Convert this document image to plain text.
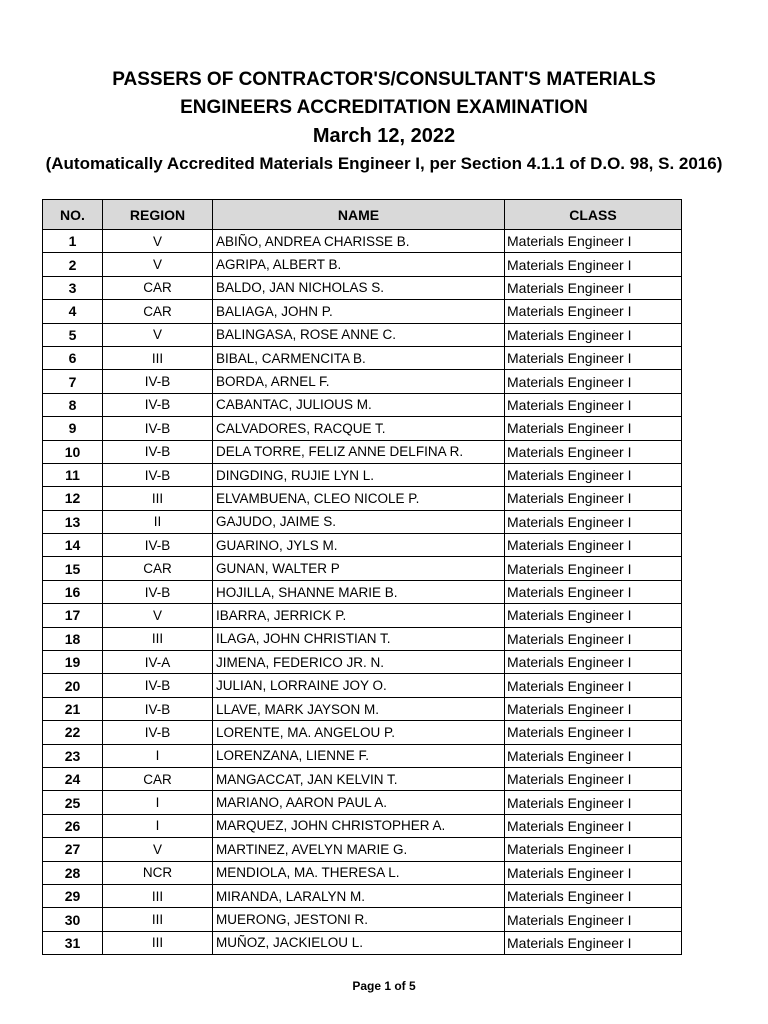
PASSERS OF CONTRACTOR'S/CONSULTANT'S MATERIALS
ENGINEERS ACCREDITATION EXAMINATION
March 12, 2022
(Automatically Accredited Materials Engineer I, per Section 4.1.1 of D.O. 98, S. 2016)
NO.	REGION	NAME	CLASS
1	V	ABIÑO, ANDREA CHARISSE B.	Materials Engineer I
2	V	AGRIPA, ALBERT B.	Materials Engineer I
3	CAR	BALDO, JAN NICHOLAS S.	Materials Engineer I
4	CAR	BALIAGA, JOHN P.	Materials Engineer I
5	V	BALINGASA, ROSE ANNE C.	Materials Engineer I
6	III	BIBAL, CARMENCITA B.	Materials Engineer I
7	IV-B	BORDA, ARNEL F.	Materials Engineer I
8	IV-B	CABANTAC, JULIOUS M.	Materials Engineer I
9	IV-B	CALVADORES, RACQUE T.	Materials Engineer I
10	IV-B	DELA TORRE, FELIZ ANNE DELFINA R.	Materials Engineer I
11	IV-B	DINGDING, RUJIE LYN L.	Materials Engineer I
12	III	ELVAMBUENA, CLEO NICOLE P.	Materials Engineer I
13	II	GAJUDO, JAIME S.	Materials Engineer I
14	IV-B	GUARINO, JYLS M.	Materials Engineer I
15	CAR	GUNAN, WALTER P	Materials Engineer I
16	IV-B	HOJILLA, SHANNE MARIE B.	Materials Engineer I
17	V	IBARRA, JERRICK P.	Materials Engineer I
18	III	ILAGA, JOHN CHRISTIAN T.	Materials Engineer I
19	IV-A	JIMENA, FEDERICO JR. N.	Materials Engineer I
20	IV-B	JULIAN, LORRAINE JOY O.	Materials Engineer I
21	IV-B	LLAVE, MARK JAYSON M.	Materials Engineer I
22	IV-B	LORENTE, MA. ANGELOU P.	Materials Engineer I
23	I	LORENZANA, LIENNE F.	Materials Engineer I
24	CAR	MANGACCAT, JAN KELVIN T.	Materials Engineer I
25	I	MARIANO, AARON PAUL A.	Materials Engineer I
26	I	MARQUEZ, JOHN CHRISTOPHER A.	Materials Engineer I
27	V	MARTINEZ, AVELYN MARIE G.	Materials Engineer I
28	NCR	MENDIOLA, MA. THERESA L.	Materials Engineer I
29	III	MIRANDA, LARALYN M.	Materials Engineer I
30	III	MUERONG, JESTONI R.	Materials Engineer I
31	III	MUÑOZ, JACKIELOU L.	Materials Engineer I
Page 1 of 5
